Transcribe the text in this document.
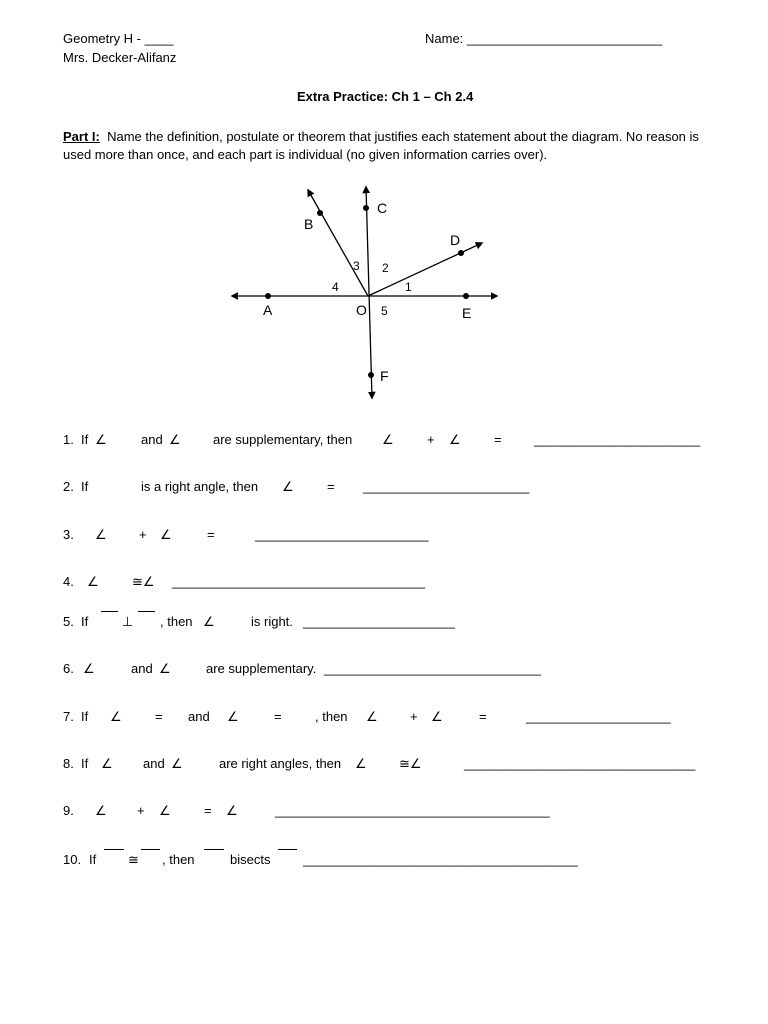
Geometry H - ____
Mrs. Decker-Alifanz
Name: ___________________________
Extra Practice: Ch 1 – Ch 2.4
Part I: Name the definition, postulate or theorem that justifies each statement about the diagram. No reason is used more than once, and each part is individual (no given information carries over).
A	E
B
C
D
F
O
1
2
3
4
5
1. If ∠	and ∠ are supplementary, then ∠	+ ∠	= _______________________
2. If	is a right angle, then ∠	= _______________________
3. ∠ + ∠	=	________________________
4. ∠	≅∠ ___________________________________
5. If	⊥ , then ∠	is right. _____________________
6. ∠	and ∠	are supplementary. ______________________________
7. If ∠	= and ∠	=	, then ∠ + ∠	=	____________________
8. If ∠ and ∠	are right angles, then ∠ ≅∠	________________________________
9. ∠ + ∠	= ∠	______________________________________
10. If ≅ , then	bisects	______________________________________
